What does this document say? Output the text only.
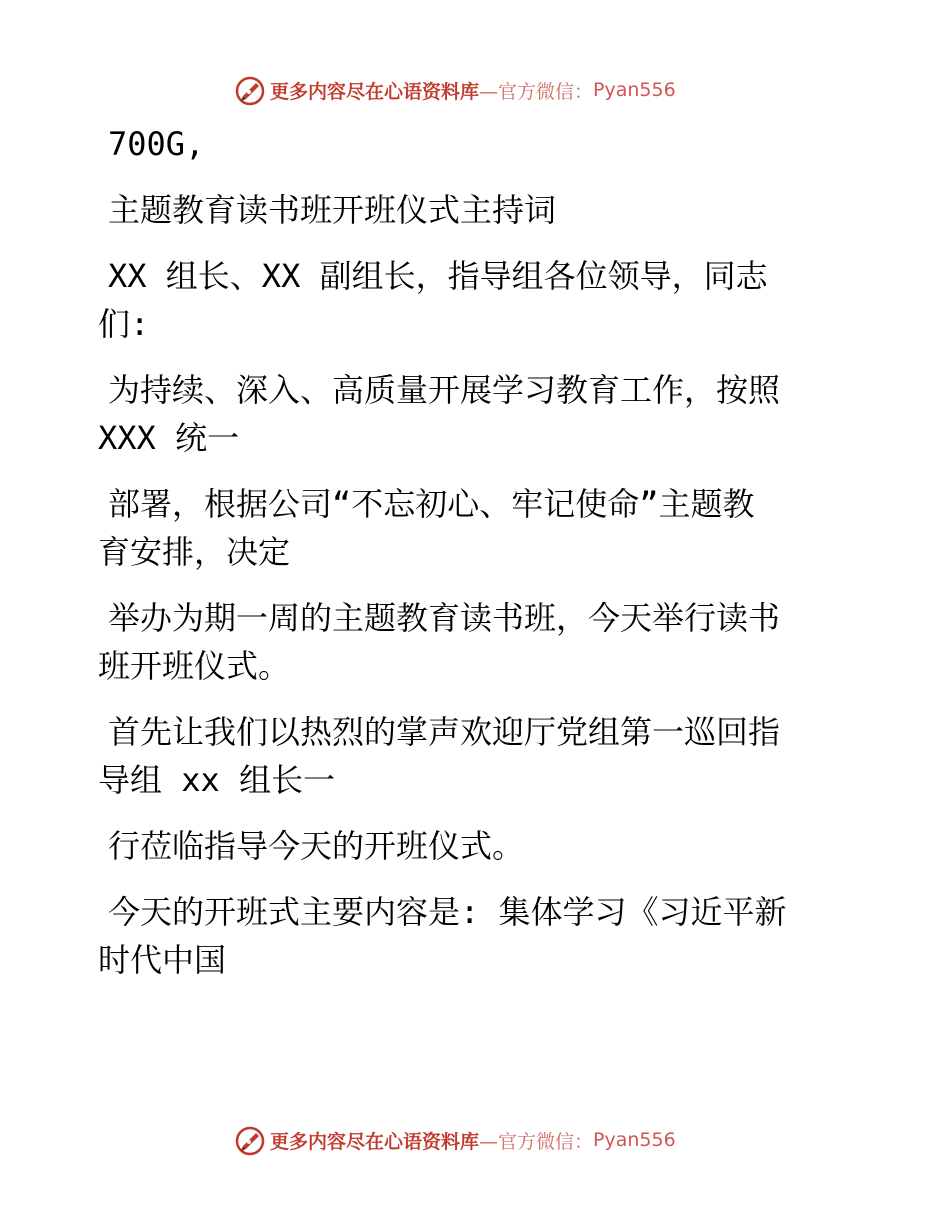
更多内容尽在心语资料库 —官方微信： Pyan556
700G,
主题教育读书班开班仪式主持词
XX 组长、XX 副组长，指导组各位领导，同志
们:
为持续、深入、高质量开展学习教育工作，按照
XXX 统一
部署，根据公司“不忘初心、牢记使命”主题教
育安排，决定
举办为期一周的主题教育读书班，今天举行读书
班开班仪式。
首先让我们以热烈的掌声欢迎厅党组第一巡回指
导组 xx 组长一
行莅临指导今天的开班仪式。
今天的开班式主要内容是: 集体学习《习近平新
时代中国
更多内容尽在心语资料库 —官方微信： Pyan556
